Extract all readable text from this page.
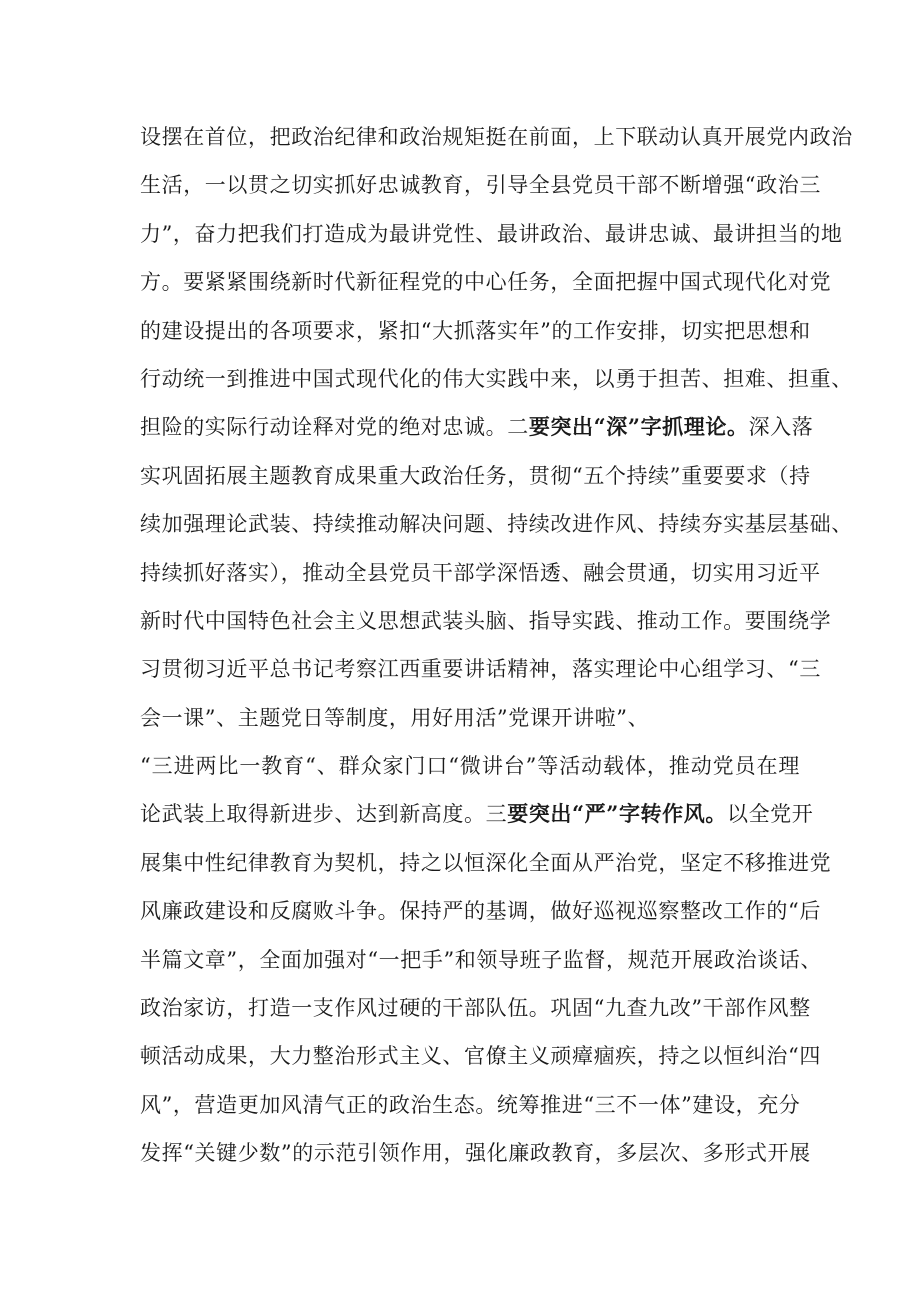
设摆在首位，把政治纪律和政治规矩挺在前面，上下联动认真开展党内政治
生活，一以贯之切实抓好忠诚教育，引导全县党员干部不断增强“政治三
力”，奋力把我们打造成为最讲党性、最讲政治、最讲忠诚、最讲担当的地
方。要紧紧围绕新时代新征程党的中心任务，全面把握中国式现代化对党
的建设提出的各项要求，紧扣“大抓落实年”的工作安排，切实把思想和
行动统一到推进中国式现代化的伟大实践中来，以勇于担苦、担难、担重、
担险的实际行动诠释对党的绝对忠诚。二要突出“深”字抓理论。深入落
实巩固拓展主题教育成果重大政治任务，贯彻“五个持续”重要要求（持
续加强理论武装、持续推动解决问题、持续改进作风、持续夯实基层基础、
持续抓好落实），推动全县党员干部学深悟透、融会贯通，切实用习近平
新时代中国特色社会主义思想武装头脑、指导实践、推动工作。要围绕学
习贯彻习近平总书记考察江西重要讲话精神，落实理论中心组学习、“三
会一课”、主题党日等制度，用好用活”党课开讲啦”、
“三进两比一教育“、群众家门口“微讲台”等活动载体，推动党员在理
论武装上取得新进步、达到新高度。三要突出“严”字转作风。以全党开
展集中性纪律教育为契机，持之以恒深化全面从严治党，坚定不移推进党
风廉政建设和反腐败斗争。保持严的基调，做好巡视巡察整改工作的“后
半篇文章”，全面加强对“一把手”和领导班子监督，规范开展政治谈话、
政治家访，打造一支作风过硬的干部队伍。巩固“九查九改”干部作风整
顿活动成果，大力整治形式主义、官僚主义顽瘴痼疾，持之以恒纠治“四
风”，营造更加风清气正的政治生态。统筹推进“三不一体”建设，充分
发挥“关键少数”的示范引领作用，强化廉政教育，多层次、多形式开展
